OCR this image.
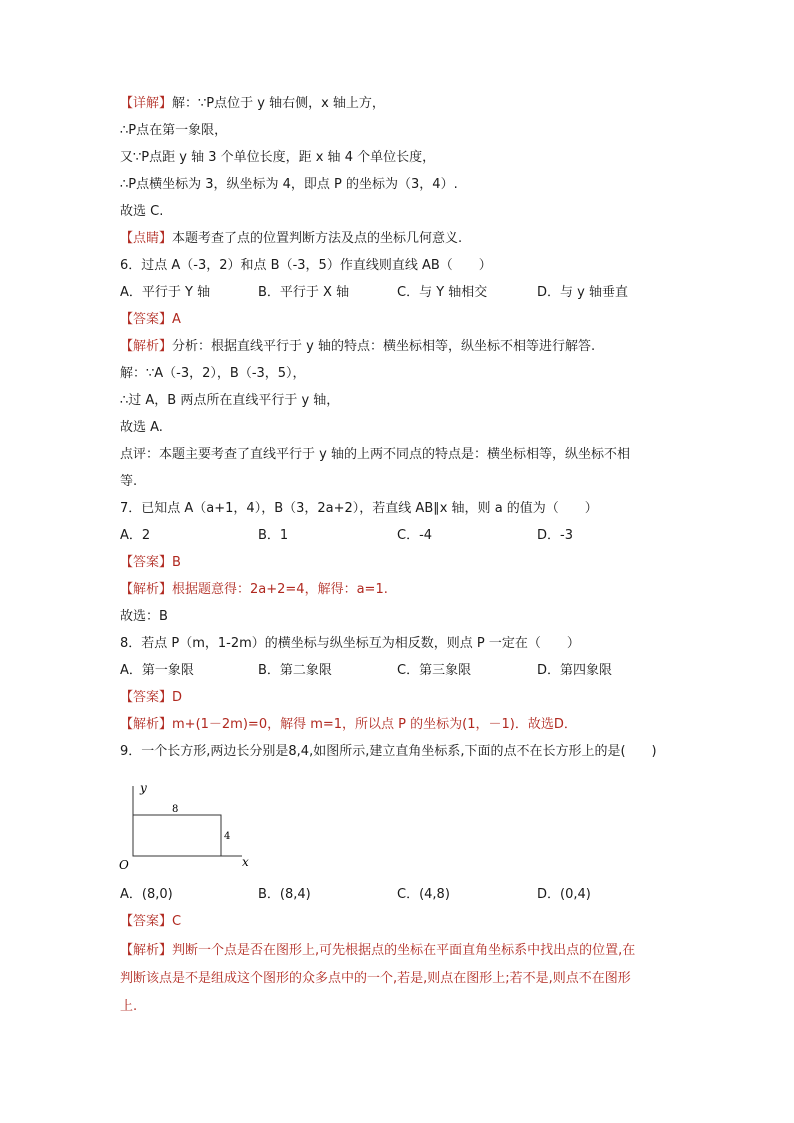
【详解】解：∵P点位于 y 轴右侧，x 轴上方，
∴P点在第一象限，
又∵P点距 y 轴 3 个单位长度，距 x 轴 4 个单位长度，
∴P点横坐标为 3，纵坐标为 4，即点 P 的坐标为（3，4）.
故选 C.
【点睛】本题考查了点的位置判断方法及点的坐标几何意义.
6．过点 A（-3，2）和点 B（-3，5）作直线则直线 AB（　　）
A．平行于 Y 轴	B．平行于 X 轴	C．与 Y 轴相交	D．与 y 轴垂直
【答案】A
【解析】分析：根据直线平行于 y 轴的特点：横坐标相等，纵坐标不相等进行解答.
解：∵A（-3，2），B（-3，5），
∴过 A，B 两点所在直线平行于 y 轴，
故选 A.
点评：本题主要考查了直线平行于 y 轴的上两不同点的特点是：横坐标相等，纵坐标不相
等.
7．已知点 A（a+1，4），B（3，2a+2），若直线 AB∥x 轴，则 a 的值为（　　）
A．2	B．1	C．-4	D．-3
【答案】B
【解析】根据题意得：2a+2=4，解得：a=1.
故选：B
8．若点 P（m，1-2m）的横坐标与纵坐标互为相反数，则点 P 一定在（　　）
A．第一象限	B．第二象限	C．第三象限	D．第四象限
【答案】D
【解析】m+(1－2m)=0，解得 m=1，所以点 P 的坐标为(1，－1)．故选D．
9．一个长方形,两边长分别是8,4,如图所示,建立直角坐标系,下面的点不在长方形上的是(　　)
y
x
O
8
4
A．(8,0)	B．(8,4)	C．(4,8)	D．(0,4)
【答案】C
【解析】判断一个点是否在图形上,可先根据点的坐标在平面直角坐标系中找出点的位置,在
判断该点是不是组成这个图形的众多点中的一个,若是,则点在图形上;若不是,则点不在图形
上.
